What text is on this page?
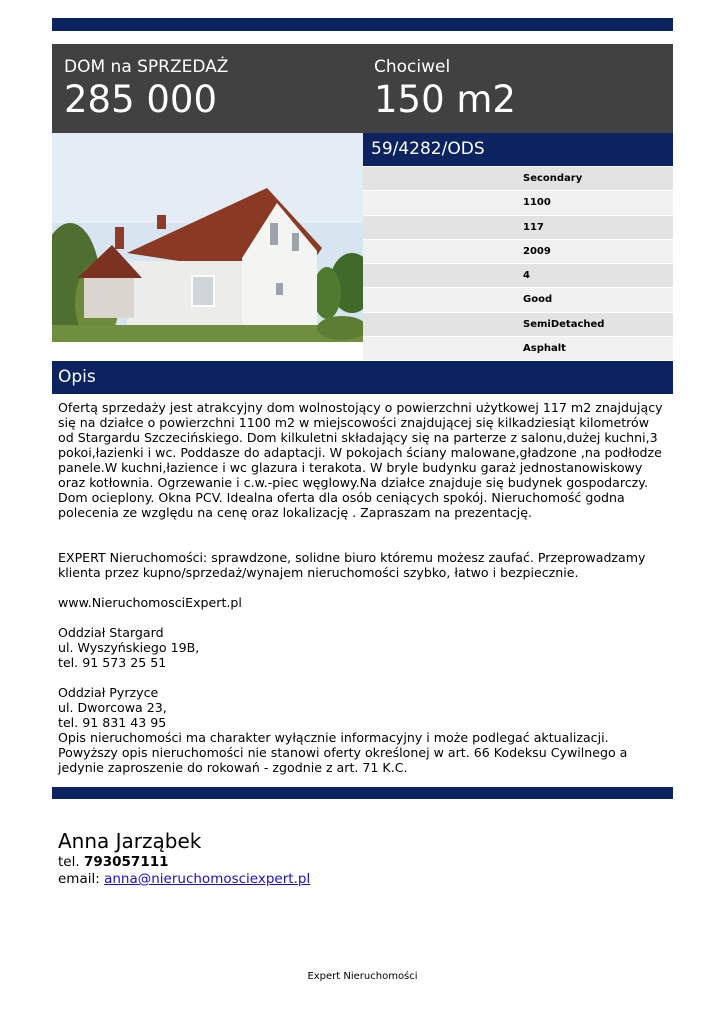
DOM na SPRZEDAŻ
285 000
Chociwel
150 m2
59/4282/ODS
Secondary
1100
117
2009
4
Good
SemiDetached
Asphalt
Opis

Ofertą sprzedaży jest atrakcyjny dom wolnostojący o powierzchni użytkowej 117 m2 znajdujący się na działce o powierzchni 1100 m2 w miejscowości znajdującej się kilkadziesiąt kilometrów od Stargardu Szczecińskiego. Dom kilkuletni składający się na parterze z salonu,dużej kuchni,3 pokoi,łazienki i wc. Poddasze do adaptacji. W pokojach ściany malowane,gładzone ,na podłodze panele.W kuchni,łazience i wc glazura i terakota. W bryle budynku garaż jednostanowiskowy oraz kotłownia. Ogrzewanie i c.w.-piec węglowy.Na działce znajduje się budynek gospodarczy. Dom ocieplony. Okna PCV. Idealna oferta dla osób ceniących spokój. Nieruchomość godna polecenia ze względu na cenę oraz lokalizację . Zapraszam na prezentację.

EXPERT Nieruchomości: sprawdzone, solidne biuro któremu możesz zaufać. Przeprowadzamy klienta przez kupno/sprzedaż/wynajem nieruchomości szybko, łatwo i bezpiecznie.

www.NieruchomosciExpert.pl

Oddział Stargard

ul. Wyszyńskiego 19B,

tel. 91 573 25 51

Oddział Pyrzyce

ul. Dworcowa 23,

tel. 91 831 43 95

Opis nieruchomości ma charakter wyłącznie informacyjny i może podlegać aktualizacji. Powyższy opis nieruchomości nie stanowi oferty określonej w art. 66 Kodeksu Cywilnego a jedynie zaproszenie do rokowań - zgodnie z art. 71 K.C.

Anna Jarząbek
tel. 793057111
email: anna@nieruchomosciexpert.pl
Expert Nieruchomości
